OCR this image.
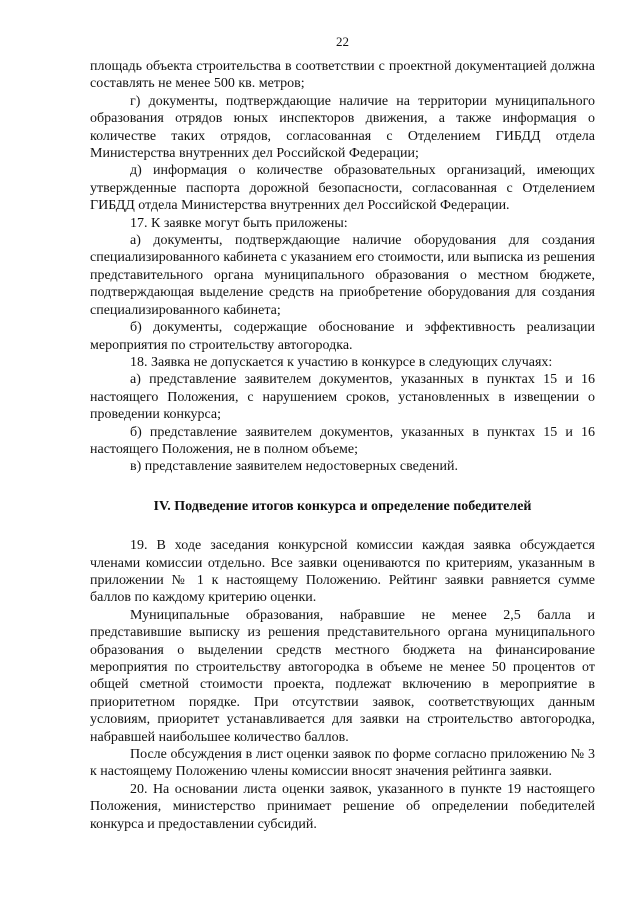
22

площадь объекта строительства в соответствии с проектной документацией должна составлять не менее 500 кв. метров;

г) документы, подтверждающие наличие на территории муниципального образования отрядов юных инспекторов движения, а также информация о количестве таких отрядов, согласованная с Отделением ГИБДД отдела Министерства внутренних дел Российской Федерации;

д) информация о количестве образовательных организаций, имеющих утвержденные паспорта дорожной безопасности, согласованная с Отделением ГИБДД отдела Министерства внутренних дел Российской Федерации.

17. К заявке могут быть приложены:

а) документы, подтверждающие наличие оборудования для создания специализированного кабинета с указанием его стоимости, или выписка из решения представительного органа муниципального образования о местном бюджете, подтверждающая выделение средств на приобретение оборудования для создания специализированного кабинета;

б) документы, содержащие обоснование и эффективность реализации мероприятия по строительству автогородка.

18. Заявка не допускается к участию в конкурсе в следующих случаях:

а) представление заявителем документов, указанных в пунктах 15 и 16 настоящего Положения, с нарушением сроков, установленных в извещении о проведении конкурса;

б) представление заявителем документов, указанных в пунктах 15 и 16 настоящего Положения, не в полном объеме;

в) представление заявителем недостоверных сведений.

IV. Подведение итогов конкурса и определение победителей

19. В ходе заседания конкурсной комиссии каждая заявка обсуждается членами комиссии отдельно. Все заявки оцениваются по критериям, указанным в приложении № 1 к настоящему Положению. Рейтинг заявки равняется сумме баллов по каждому критерию оценки.

Муниципальные образования, набравшие не менее 2,5 балла и представившие выписку из решения представительного органа муниципального образования о выделении средств местного бюджета на финансирование мероприятия по строительству автогородка в объеме не менее 50 процентов от общей сметной стоимости проекта, подлежат включению в мероприятие в приоритетном порядке. При отсутствии заявок, соответствующих данным условиям, приоритет устанавливается для заявки на строительство автогородка, набравшей наибольшее количество баллов.

После обсуждения в лист оценки заявок по форме согласно приложению № 3 к настоящему Положению члены комиссии вносят значения рейтинга заявки.

20. На основании листа оценки заявок, указанного в пункте 19 настоящего Положения, министерство принимает решение об определении победителей конкурса и предоставлении субсидий.
